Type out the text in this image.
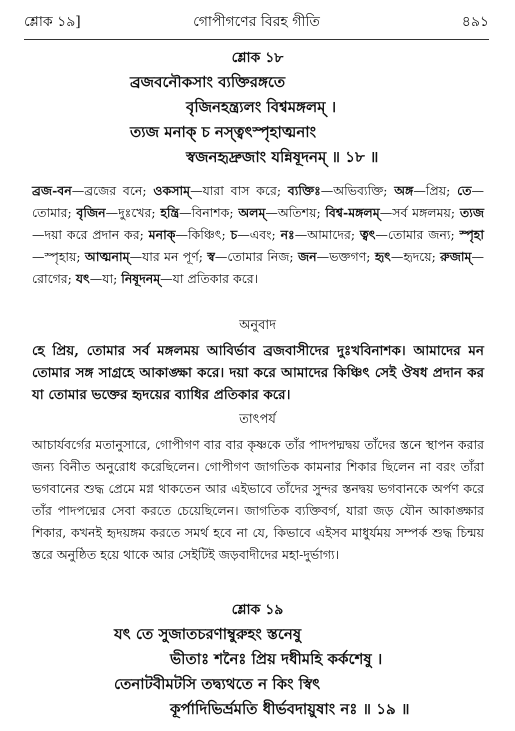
শ্লোক ১৯]	গোপীগণের বিরহ গীতি	৪৯১
শ্লোক ১৮
ব্রজবনৌকসাং ব্যক্তিরঙ্গতে
বৃজিনহন্ত্র্যলং বিশ্বমঙ্গলম্ ।
ত্যজ মনাক্ চ নস্ত্বৎস্পৃহাত্মনাং
স্বজনহৃদ্রুজাং যন্নিষূদনম্ ॥ ১৮ ॥
ব্রজ-বন—ব্রজের বনে; ওকসাম্—যারা বাস করে; ব্যক্তিঃ—অভিব্যক্তি; অঙ্গ—প্রিয়; তে—তোমার; বৃজিন—দুঃখের; হন্ত্রি—বিনাশক; অলম্—অতিশয়; বিশ্ব-মঙ্গলম্—সর্ব মঙ্গলময়; ত্যজ—দয়া করে প্রদান কর; মনাক্—কিঞ্চিৎ; চ—এবং; নঃ—আমাদের; ত্বৎ—তোমার জন্য; স্পৃহা—স্পৃহায়; আত্মনাম্—যার মন পূর্ণ; স্ব—তোমার নিজ; জন—ভক্তগণ; হৃৎ—হৃদয়ে; রুজাম্—রোগের; যৎ—যা; নিষূদনম্—যা প্রতিকার করে।
অনুবাদ
হে প্রিয়, তোমার সর্ব মঙ্গলময় আবির্ভাব ব্রজবাসীদের দুঃখবিনাশক। আমাদের মন তোমার সঙ্গ সাগ্রহে আকাঙ্ক্ষা করে। দয়া করে আমাদের কিঞ্চিৎ সেই ঔষধ প্রদান কর যা তোমার ভক্তের হৃদয়ের ব্যাধির প্রতিকার করে।
তাৎপর্য
আচার্যবর্গের মতানুসারে, গোপীগণ বার বার কৃষ্ণকে তাঁর পাদপদ্মদ্বয় তাঁদের স্তনে স্থাপন করার জন্য বিনীত অনুরোধ করেছিলেন। গোপীগণ জাগতিক কামনার শিকার ছিলেন না বরং তাঁরা ভগবানের শুদ্ধ প্রেমে মগ্ন থাকতেন আর এইভাবে তাঁদের সুন্দর স্তনদ্বয় ভগবানকে অর্পণ করে তাঁর পাদপদ্মের সেবা করতে চেয়েছিলেন। জাগতিক ব্যক্তিবর্গ, যারা জড় যৌন আকাঙ্ক্ষার শিকার, কখনই হৃদয়ঙ্গম করতে সমর্থ হবে না যে, কিভাবে এইসব মাধুর্যময় সম্পর্ক শুদ্ধ চিন্ময় স্তরে অনুষ্ঠিত হয়ে থাকে আর সেইটিই জড়বাদীদের মহা-দুর্ভাগ্য।
শ্লোক ১৯
যৎ তে সুজাতচরণাম্বুরুহং স্তনেষু
ভীতাঃ শনৈঃ প্রিয় দধীমহি কর্কশেষু ।
তেনাটবীমটসি তদ্ব্যথতে ন কিং স্বিৎ
কূর্পাদিভির্ভ্রমতি ধীর্ভবদায়ুষাং নঃ ॥ ১৯ ॥
